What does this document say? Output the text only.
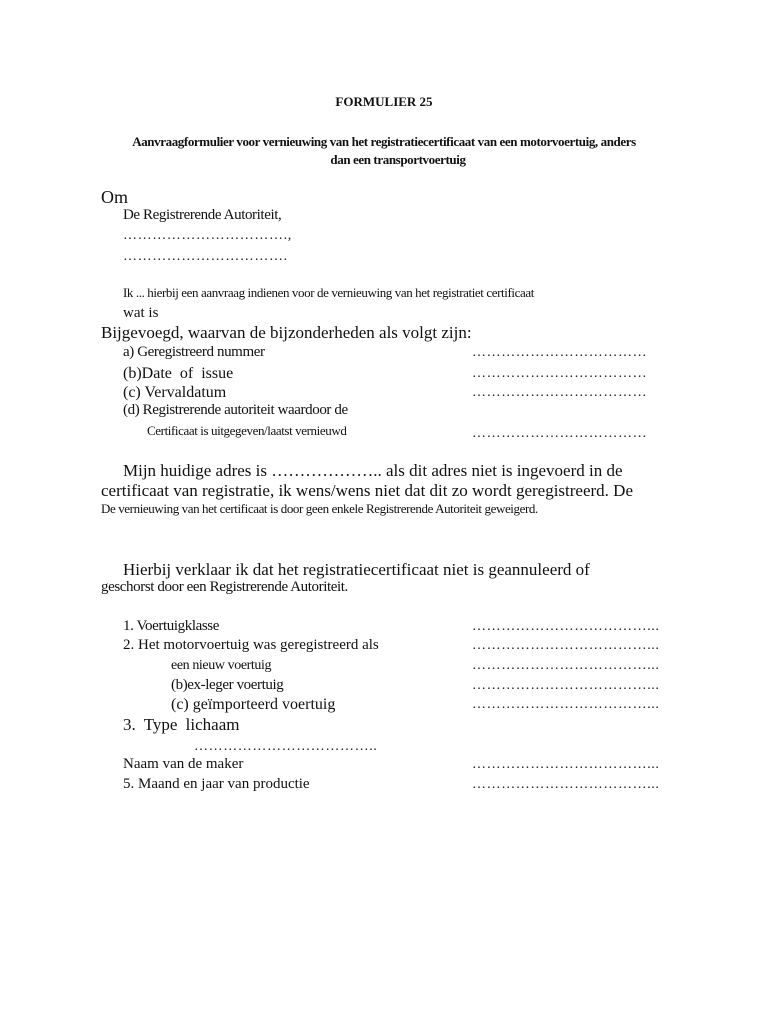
FORMULIER 25
Aanvraagformulier voor vernieuwing van het registratiecertificaat van een motorvoertuig, anders
dan een transportvoertuig
Om
De Registrerende Autoriteit,
…………………………….,
…………………………….
Ik ... hierbij een aanvraag indienen voor de vernieuwing van het registratiet certificaat
wat is
Bijgevoegd, waarvan de bijzonderheden als volgt zijn:
a) Geregistreerd nummer	………………………………
(b)Date of issue	………………………………
(c) Vervaldatum	………………………………
(d) Registrerende autoriteit waardoor de
Certificaat is uitgegeven/laatst vernieuwd	………………………………
Mijn huidige adres is ……………….. als dit adres niet is ingevoerd in de
certificaat van registratie, ik wens/wens niet dat dit zo wordt geregistreerd. De
De vernieuwing van het certificaat is door geen enkele Registrerende Autoriteit geweigerd.
Hierbij verklaar ik dat het registratiecertificaat niet is geannuleerd of
geschorst door een Registrerende Autoriteit.
1. Voertuigklasse	………………………………...
2. Het motorvoertuig was geregistreerd als	………………………………...
een nieuw voertuig	………………………………...
(b)ex-leger voertuig	………………………………...
(c) geïmporteerd voertuig	………………………………...
3. Type lichaam
………………………………..
Naam van de maker	………………………………...
5. Maand en jaar van productie	………………………………...
